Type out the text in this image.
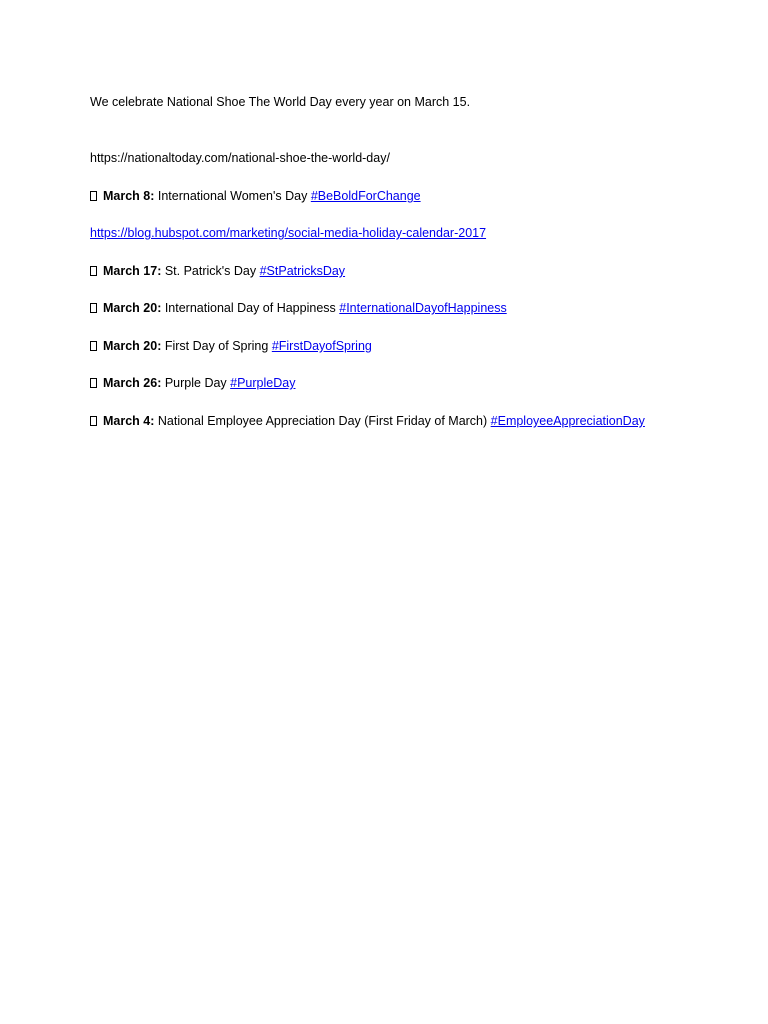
We celebrate National Shoe The World Day every year on March 15.
https://nationaltoday.com/national-shoe-the-world-day/
March 8: International Women's Day #BeBoldForChange
https://blog.hubspot.com/marketing/social-media-holiday-calendar-2017
March 17: St. Patrick's Day #StPatricksDay
March 20: International Day of Happiness #InternationalDayofHappiness
March 20: First Day of Spring #FirstDayofSpring
March 26: Purple Day #PurpleDay
March 4: National Employee Appreciation Day (First Friday of March) #EmployeeAppreciationDay
